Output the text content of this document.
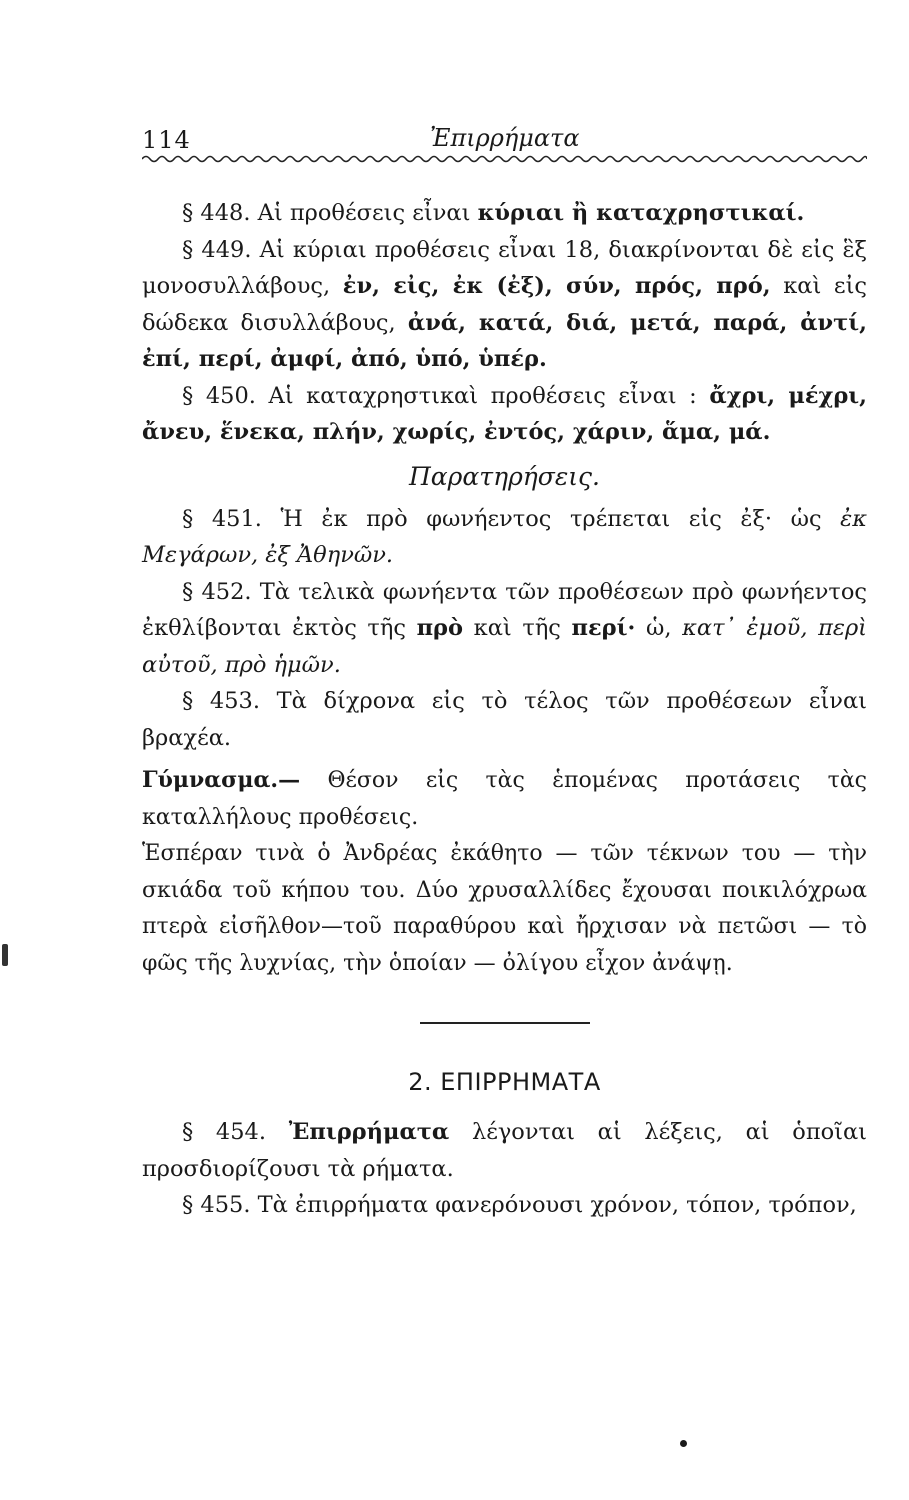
114	Ἐπιρρήματα

§ 448. Αἱ προθέσεις εἶναι κύριαι ἢ καταχρηστικαί.

§ 449. Αἱ κύριαι προθέσεις εἶναι 18, διακρίνονται δὲ εἰς ἓξ μονοσυλλάβους, ἐν, εἰς, ἐκ (ἐξ), σύν, πρός, πρό, καὶ εἰς δώδεκα δισυλλάβους, ἀνά, κατά, διά, μετά, παρά, ἀντί, ἐπί, περί, ἀμφί, ἀπό, ὑπό, ὑπέρ.

§ 450. Αἱ καταχρηστικαὶ προθέσεις εἶναι : ἄχρι, μέχρι, ἄνευ, ἕνεκα, πλήν, χωρίς, ἐντός, χάριν, ἅμα, μά.

Παρατηρήσεις.

§ 451. Ἡ ἐκ πρὸ φωνήεντος τρέπεται εἰς ἐξ· ὡς ἐκ Μεγάρων, ἐξ Ἀθηνῶν.

§ 452. Τὰ τελικὰ φωνήεντα τῶν προθέσεων πρὸ φωνήεντος ἐκθλίβονται ἐκτὸς τῆς πρὸ καὶ τῆς περί· ὡ, κατ᾽ ἐμοῦ, περὶ αὐτοῦ, πρὸ ἡμῶν.

§ 453. Τὰ δίχρονα εἰς τὸ τέλος τῶν προθέσεων εἶναι βραχέα.

Γύμνασμα.— Θέσον εἰς τὰς ἑπομένας προτάσεις τὰς καταλλήλους προθέσεις.

Ἑσπέραν τινὰ ὁ Ἀνδρέας ἐκάθητο — τῶν τέκνων του — τὴν σκιάδα τοῦ κήπου του. Δύο χρυσαλλίδες ἔχουσαι ποικιλόχρωα πτερὰ εἰσῆλθον—τοῦ παραθύρου καὶ ἤρχισαν νὰ πετῶσι — τὸ φῶς τῆς λυχνίας, τὴν ὁποίαν — ὀλίγου εἶχον ἀνάψῃ.

2. ΕΠΙΡΡΗΜΑΤΑ

§ 454. Ἐπιρρήματα λέγονται αἱ λέξεις, αἱ ὁποῖαι προσδιορίζουσι τὰ ρήματα.

§ 455. Τὰ ἐπιρρήματα φανερόνουσι χρόνον, τόπον, τρόπον,
